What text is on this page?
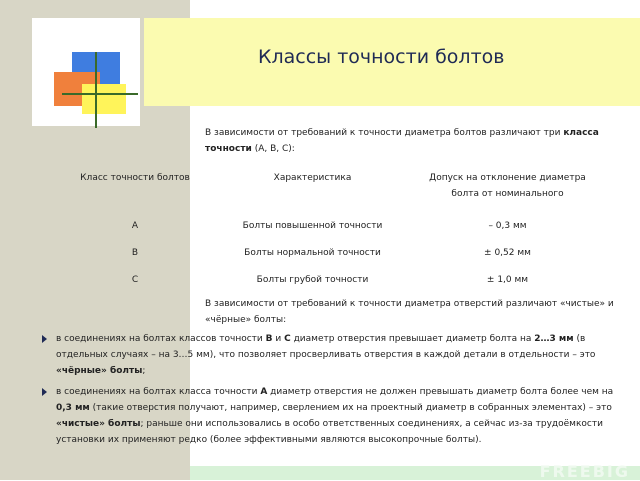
Классы точности болтов
В зависимости от требований к точности диаметра болтов различают три класса точности (А, В, С):
Класс точности болтов	Характеристика	Допуск на отклонение диаметра болта от номинального
А	Болты повышенной точности	– 0,3 мм
В	Болты нормальной точности	± 0,52 мм
С	Болты грубой точности	± 1,0 мм
В зависимости от требований к точности диаметра отверстий различают «чистые» и «чёрные» болты:
в соединениях на болтах классов точности В и С диаметр отверстия превышает диаметр болта на 2…3 мм (в отдельных случаях – на 3…5 мм), что позволяет просверливать отверстия в каждой детали в отдельности – это «чёрные» болты;
в соединениях на болтах класса точности А диаметр отверстия не должен превышать диаметр болта более чем на 0,3 мм (такие отверстия получают, например, сверлением их на проектный диаметр в собранных элементах) – это «чистые» болты; раньше они использовались в особо ответственных соединениях, а сейчас из-за трудоёмкости установки их применяют редко (более эффективными являются высокопрочные болты).
FREEBIG
